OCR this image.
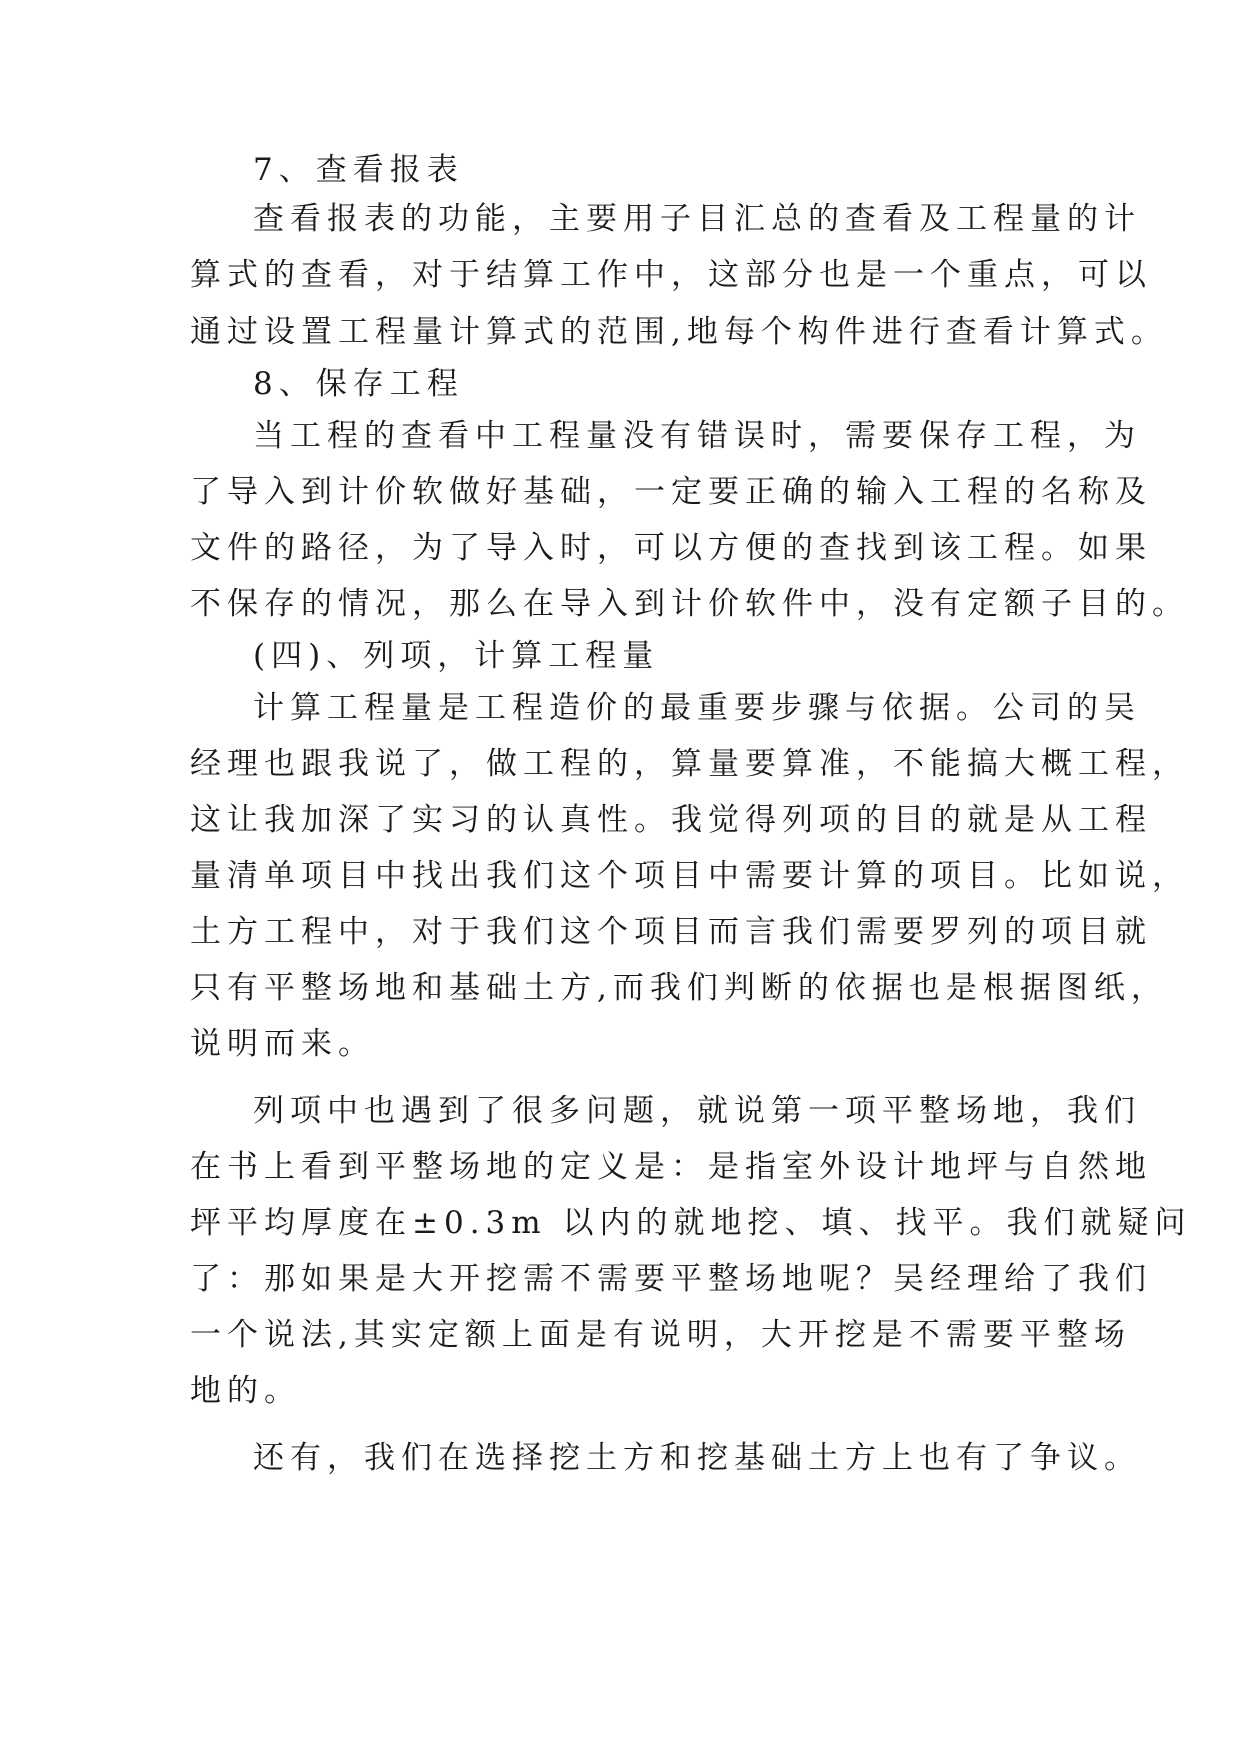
7、查看报表
查看报表的功能，主要用子目汇总的查看及工程量的计
算式的查看，对于结算工作中，这部分也是一个重点，可以
通过设置工程量计算式的范围,地每个构件进行查看计算式。
8、保存工程
当工程的查看中工程量没有错误时，需要保存工程，为
了导入到计价软做好基础，一定要正确的输入工程的名称及
文件的路径，为了导入时，可以方便的查找到该工程。如果
不保存的情况，那么在导入到计价软件中，没有定额子目的。
(四)、列项，计算工程量
计算工程量是工程造价的最重要步骤与依据。公司的吴
经理也跟我说了，做工程的，算量要算准，不能搞大概工程，
这让我加深了实习的认真性。我觉得列项的目的就是从工程
量清单项目中找出我们这个项目中需要计算的项目。比如说，
土方工程中，对于我们这个项目而言我们需要罗列的项目就
只有平整场地和基础土方,而我们判断的依据也是根据图纸，
说明而来。
列项中也遇到了很多问题，就说第一项平整场地，我们
在书上看到平整场地的定义是：是指室外设计地坪与自然地
坪平均厚度在±0.3m 以内的就地挖、填、找平。我们就疑问
了：那如果是大开挖需不需要平整场地呢？吴经理给了我们
一个说法,其实定额上面是有说明，大开挖是不需要平整场
地的。
还有，我们在选择挖土方和挖基础土方上也有了争议。
